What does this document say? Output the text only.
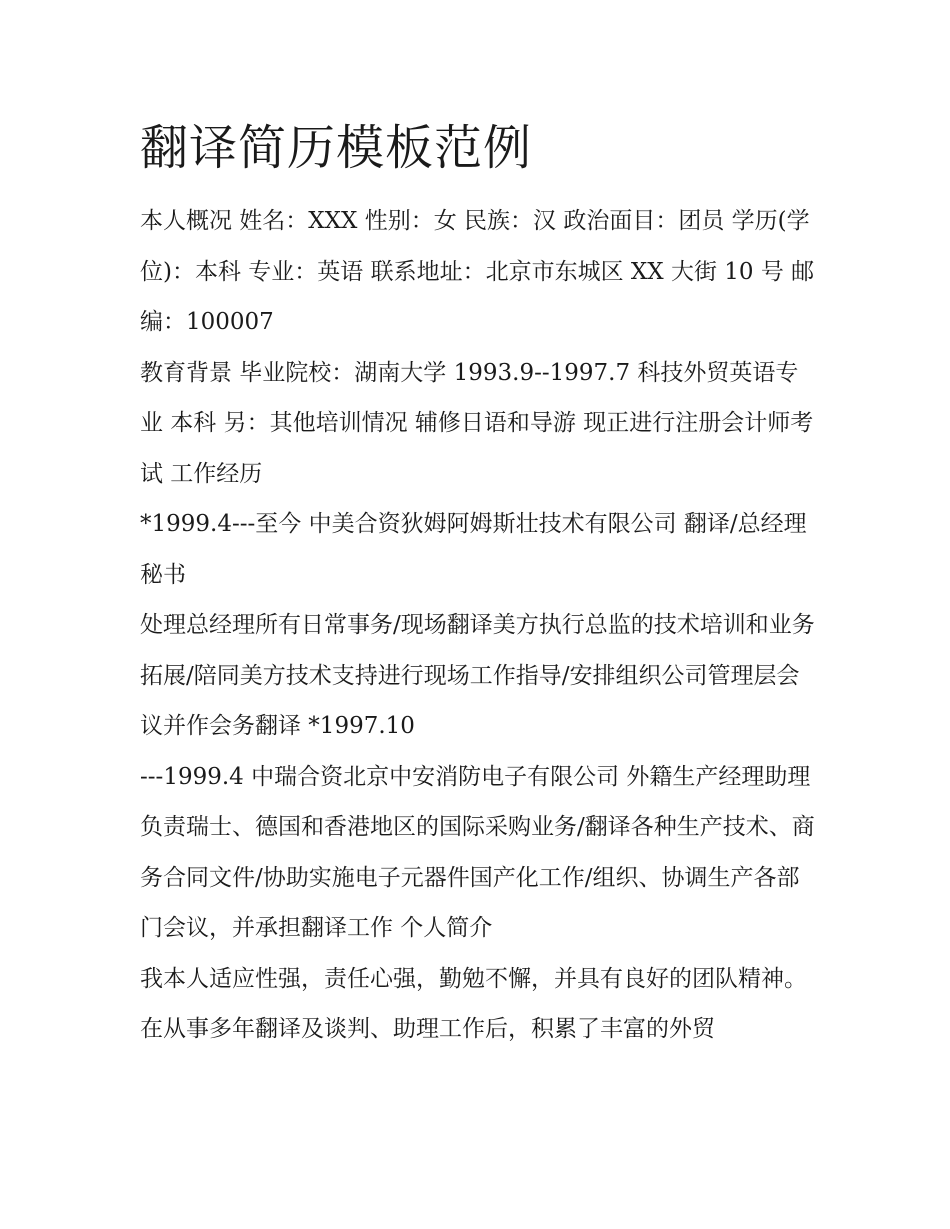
翻译简历模板范例

本人概况 姓名：XXX 性别：女 民族：汉 政治面目：团员 学历(学位)：本科 专业：英语 联系地址：北京市东城区 XX 大街 10 号 邮编：100007

教育背景 毕业院校：湖南大学 1993.9--1997.7 科技外贸英语专业 本科 另：其他培训情况 辅修日语和导游 现正进行注册会计师考试 工作经历

*1999.4---至今 中美合资狄姆阿姆斯壮技术有限公司 翻译/总经理秘书

处理总经理所有日常事务/现场翻译美方执行总监的技术培训和业务拓展/陪同美方技术支持进行现场工作指导/安排组织公司管理层会议并作会务翻译 *1997.10

---1999.4 中瑞合资北京中安消防电子有限公司 外籍生产经理助理

负责瑞士、德国和香港地区的国际采购业务/翻译各种生产技术、商务合同文件/协助实施电子元器件国产化工作/组织、协调生产各部门会议，并承担翻译工作 个人简介

我本人适应性强，责任心强，勤勉不懈，并具有良好的团队精神。在从事多年翻译及谈判、助理工作后，积累了丰富的外贸
